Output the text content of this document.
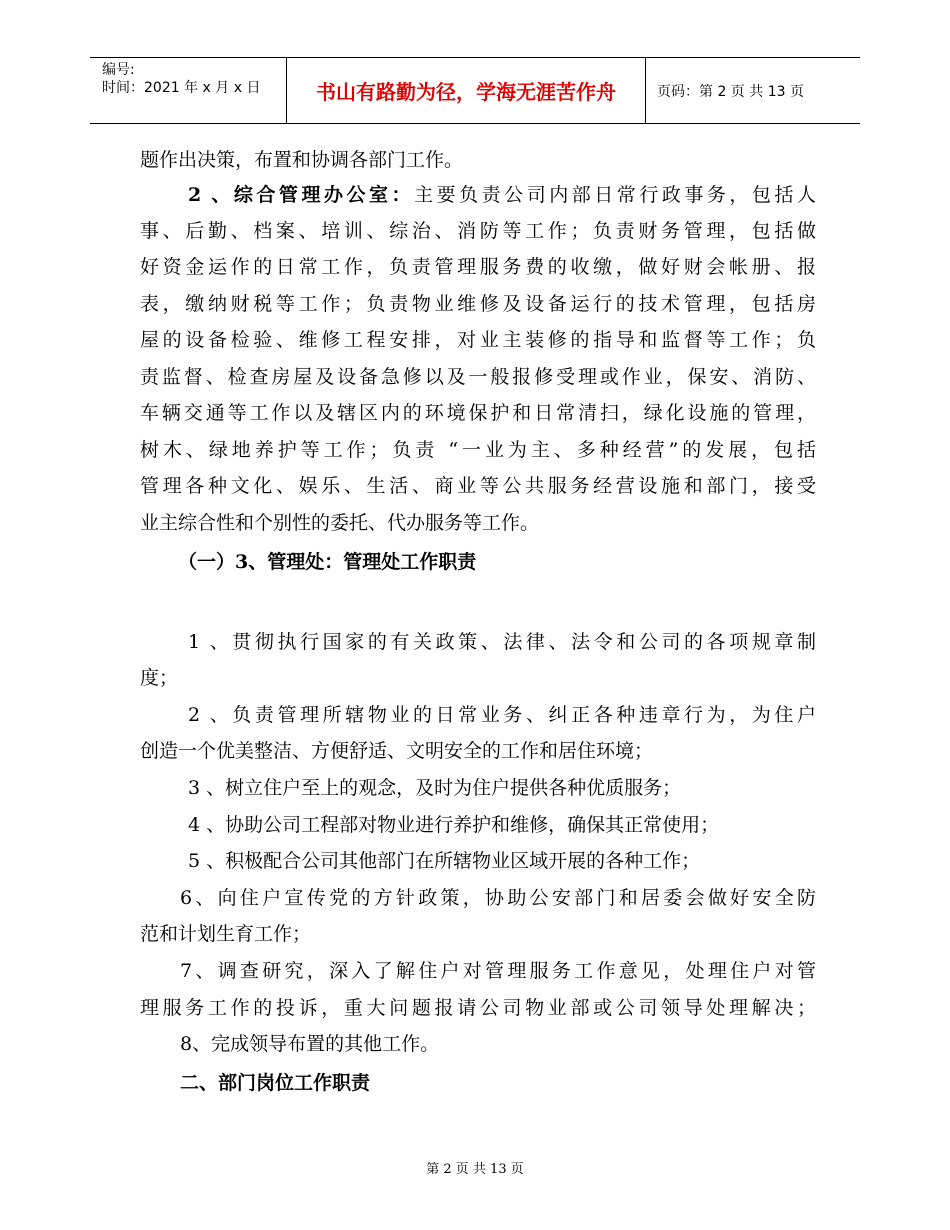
编号:
时间：2021 年 x 月 x 日	书山有路勤为径，学海无涯苦作舟	页码：第 2 页 共 13 页
题作出决策，布置和协调各部门工作。
2 、综合管理办公室：主要负责公司内部日常行政事务，包括人
事、后勤、档案、培训、综治、消防等工作；负责财务管理，包括做
好资金运作的日常工作，负责管理服务费的收缴，做好财会帐册、报
表，缴纳财税等工作；负责物业维修及设备运行的技术管理，包括房
屋的设备检验、维修工程安排，对业主装修的指导和监督等工作；负
责监督、检查房屋及设备急修以及一般报修受理或作业，保安、消防、
车辆交通等工作以及辖区内的环境保护和日常清扫，绿化设施的管理，
树木、绿地养护等工作；负责 “一业为主、多种经营”的发展，包括
管理各种文化、娱乐、生活、商业等公共服务经营设施和部门，接受
业主综合性和个别性的委托、代办服务等工作。
（一）3、管理处：管理处工作职责
1 、贯彻执行国家的有关政策、法律、法令和公司的各项规章制
度；
2 、负责管理所辖物业的日常业务、纠正各种违章行为，为住户
创造一个优美整洁、方便舒适、文明安全的工作和居住环境；
3 、树立住户至上的观念，及时为住户提供各种优质服务；
4 、协助公司工程部对物业进行养护和维修，确保其正常使用；
5 、积极配合公司其他部门在所辖物业区域开展的各种工作；
6、向住户宣传党的方针政策，协助公安部门和居委会做好安全防
范和计划生育工作；
7、调查研究，深入了解住户对管理服务工作意见，处理住户对管
理服务工作的投诉，重大问题报请公司物业部或公司领导处理解决；
8、完成领导布置的其他工作。
二、部门岗位工作职责
第 2 页 共 13 页
